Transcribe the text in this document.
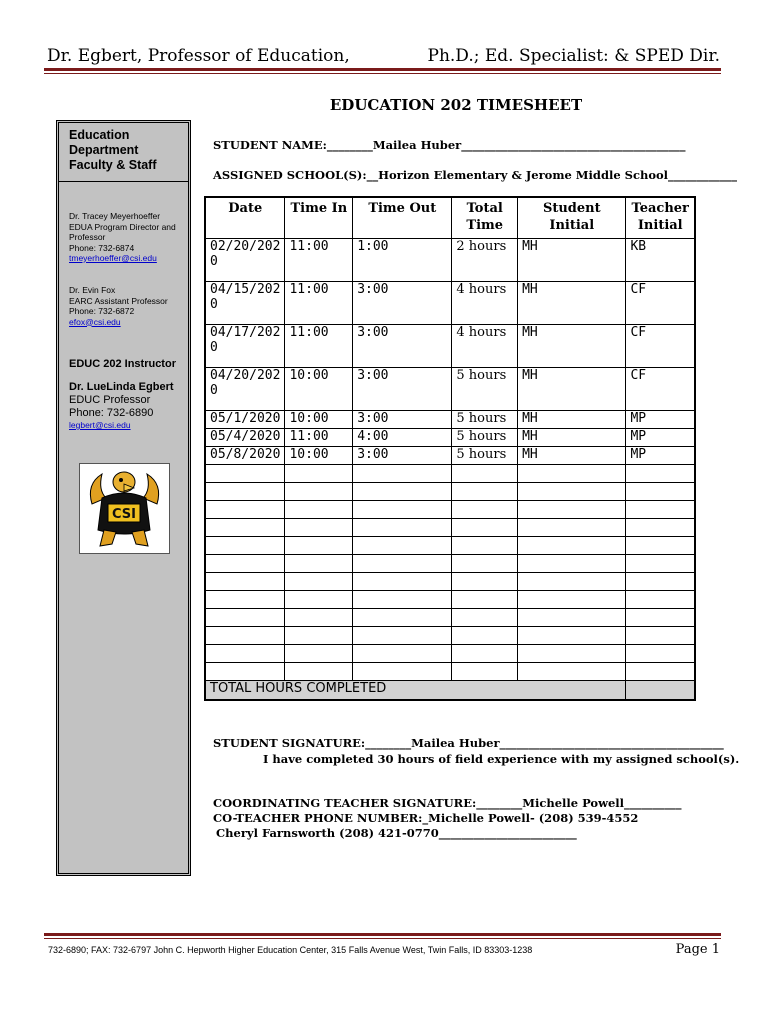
Dr. Egbert, Professor of Education,	Ph.D.; Ed. Specialist: & SPED Dir.
EDUCATION 202 TIMESHEET
Education Department Faculty & Staff
Dr. Tracey Meyerhoeffer
EDUA Program Director and Professor
Phone: 732-6874
tmeyerhoeffer@csi.edu
Dr. Evin Fox
EARC Assistant Professor
Phone: 732-6872
efox@csi.edu
EDUC 202 Instructor
Dr. LueLinda Egbert
EDUC Professor
Phone: 732-6890
legbert@csi.edu
CSI
STUDENT NAME:________Mailea Huber_______________________________________
ASSIGNED SCHOOL(S):__Horizon Elementary & Jerome Middle School____________
Date	Time In	Time Out	Total Time	Student Initial	Teacher Initial
02/20/2020	11:00	1:00	2 hours	MH	KB
04/15/2020	11:00	3:00	4 hours	MH	CF
04/17/2020	11:00	3:00	4 hours	MH	CF
04/20/2020	10:00	3:00	5 hours	MH	CF
05/1/2020	10:00	3:00	5 hours	MH	MP
05/4/2020	11:00	4:00	5 hours	MH	MP
05/8/2020	10:00	3:00	5 hours	MH	MP

TOTAL HOURS COMPLETED					
STUDENT SIGNATURE:________Mailea Huber_______________________________________
I have completed 30 hours of field experience with my assigned school(s).
COORDINATING TEACHER SIGNATURE:________Michelle Powell__________
CO-TEACHER PHONE NUMBER:_Michelle Powell- (208) 539-4552
Cheryl Farnsworth (208) 421-0770________________________
732-6890; FAX: 732-6797 John C. Hepworth Higher Education Center, 315 Falls Avenue West, Twin Falls, ID 83303-1238	Page 1
